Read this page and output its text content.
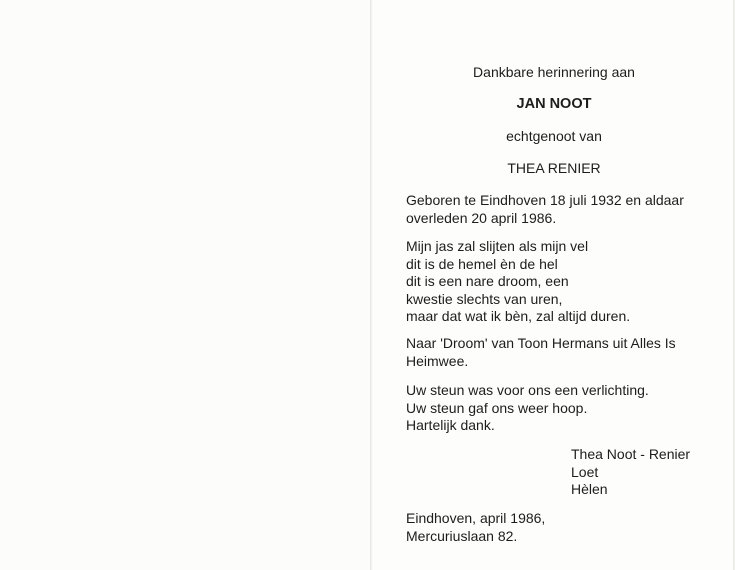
Dankbare herinnering aan

JAN NOOT

echtgenoot van

THEA RENIER

Geboren te Eindhoven 18 juli 1932 en aldaar

overleden 20 april 1986.

Mijn jas zal slijten als mijn vel

dit is de hemel èn de hel

dit is een nare droom, een

kwestie slechts van uren,

maar dat wat ik bèn, zal altijd duren.

Naar 'Droom' van Toon Hermans uit Alles Is

Heimwee.

Uw steun was voor ons een verlichting.

Uw steun gaf ons weer hoop.

Hartelijk dank.

Thea Noot - Renier

Loet

Hèlen

Eindhoven, april 1986,

Mercuriuslaan 82.
